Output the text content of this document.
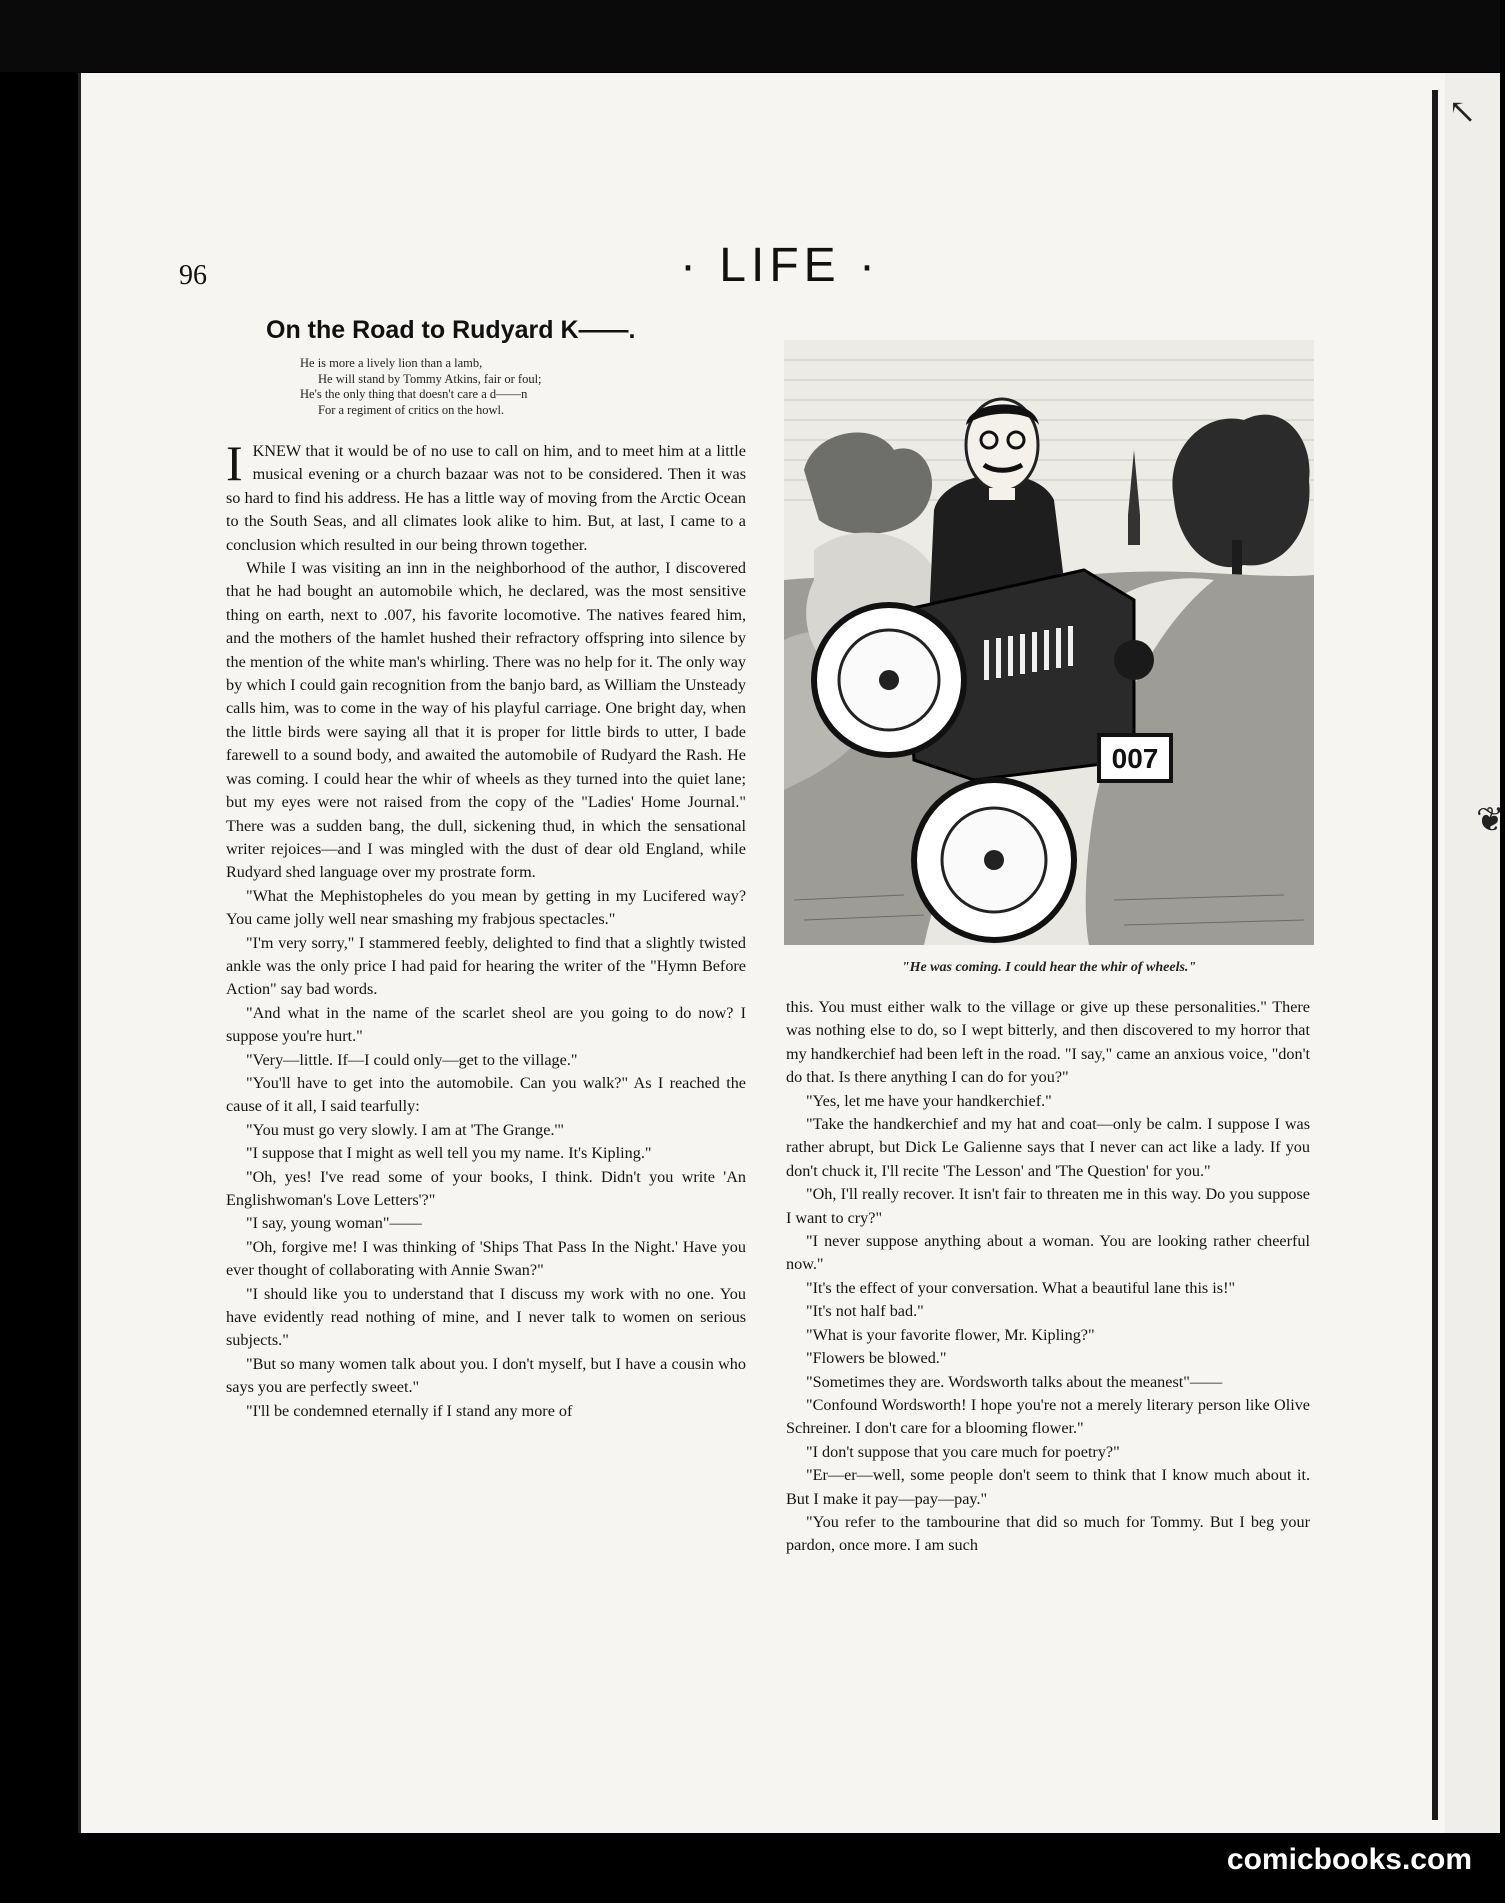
↖
❦
96	· LIFE ·
On the Road to Rudyard K——.
He is more a lively lion than a lamb,
He will stand by Tommy Atkins, fair or foul;
He's the only thing that doesn't care a d——n
For a regiment of critics on the howl.

I KNEW that it would be of no use to call on him, and to meet him at a little musical evening or a church bazaar was not to be considered. Then it was so hard to find his address. He has a little way of moving from the Arctic Ocean to the South Seas, and all climates look alike to him. But, at last, I came to a conclusion which resulted in our being thrown together.

While I was visiting an inn in the neighborhood of the author, I discovered that he had bought an automobile which, he declared, was the most sensitive thing on earth, next to .007, his favorite locomotive. The natives feared him, and the mothers of the hamlet hushed their refractory offspring into silence by the mention of the white man's whirling. There was no help for it. The only way by which I could gain recognition from the banjo bard, as William the Unsteady calls him, was to come in the way of his playful carriage. One bright day, when the little birds were saying all that it is proper for little birds to utter, I bade farewell to a sound body, and awaited the automobile of Rudyard the Rash. He was coming. I could hear the whir of wheels as they turned into the quiet lane; but my eyes were not raised from the copy of the "Ladies' Home Journal." There was a sudden bang, the dull, sickening thud, in which the sensational writer rejoices—and I was mingled with the dust of dear old England, while Rudyard shed language over my prostrate form.

"What the Mephistopheles do you mean by getting in my Lucifered way? You came jolly well near smashing my frabjous spectacles."

"I'm very sorry," I stammered feebly, delighted to find that a slightly twisted ankle was the only price I had paid for hearing the writer of the "Hymn Before Action" say bad words.

"And what in the name of the scarlet sheol are you going to do now? I suppose you're hurt."

"Very—little. If—I could only—get to the village."

"You'll have to get into the automobile. Can you walk?" As I reached the cause of it all, I said tearfully:

"You must go very slowly. I am at 'The Grange.'"

"I suppose that I might as well tell you my name. It's Kipling."

"Oh, yes! I've read some of your books, I think. Didn't you write 'An Englishwoman's Love Letters'?"

"I say, young woman"——

"Oh, forgive me! I was thinking of 'Ships That Pass In the Night.' Have you ever thought of collaborating with Annie Swan?"

"I should like you to understand that I discuss my work with no one. You have evidently read nothing of mine, and I never talk to women on serious subjects."

"But so many women talk about you. I don't myself, but I have a cousin who says you are perfectly sweet."

"I'll be condemned eternally if I stand any more of

007
"He was coming. I could hear the whir of wheels."

this. You must either walk to the village or give up these personalities." There was nothing else to do, so I wept bitterly, and then discovered to my horror that my handkerchief had been left in the road. "I say," came an anxious voice, "don't do that. Is there anything I can do for you?"

"Yes, let me have your handkerchief."

"Take the handkerchief and my hat and coat—only be calm. I suppose I was rather abrupt, but Dick Le Galienne says that I never can act like a lady. If you don't chuck it, I'll recite 'The Lesson' and 'The Question' for you."

"Oh, I'll really recover. It isn't fair to threaten me in this way. Do you suppose I want to cry?"

"I never suppose anything about a woman. You are looking rather cheerful now."

"It's the effect of your conversation. What a beautiful lane this is!"

"It's not half bad."

"What is your favorite flower, Mr. Kipling?"

"Flowers be blowed."

"Sometimes they are. Wordsworth talks about the meanest"——

"Confound Wordsworth! I hope you're not a merely literary person like Olive Schreiner. I don't care for a blooming flower."

"I don't suppose that you care much for poetry?"

"Er—er—well, some people don't seem to think that I know much about it. But I make it pay—pay—pay."

"You refer to the tambourine that did so much for Tommy. But I beg your pardon, once more. I am such

comicbooks.com
